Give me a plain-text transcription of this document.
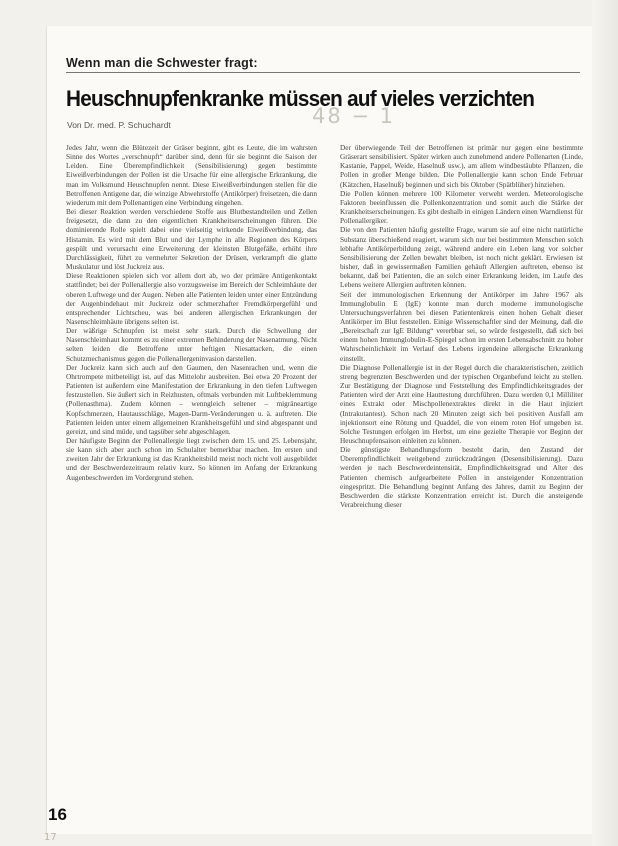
Wenn man die Schwester fragt:
Heuschnupfenkranke müssen auf vieles verzichten
Von Dr. med. P. Schuchardt	48 − 1

Jedes Jahr, wenn die Blütezeit der Gräser beginnt, gibt es Leute, die im wahrsten Sinne des Wortes „verschnupft“ darüber sind, denn für sie beginnt die Saison der Leiden. Eine Überempfindlichkeit (Sensibilisierung) gegen bestimmte Eiweißverbindungen der Pollen ist die Ursache für eine allergische Erkrankung, die man im Volksmund Heuschnupfen nennt. Diese Eiweißverbindungen stellen für die Betroffenen Antigene dar, die winzige Abwehrstoffe (Antikörper) freisetzen, die dann wiederum mit dem Pollenantigen eine Verbindung eingehen.

Bei dieser Reaktion werden verschiedene Stoffe aus Blutbestandteilen und Zellen freigesetzt, die dann zu den eigentlichen Krankheitserscheinungen führen. Die dominierende Rolle spielt dabei eine vielseitig wirkende Eiweißverbindung, das Histamin. Es wird mit dem Blut und der Lymphe in alle Regionen des Körpers gespült und verursacht eine Erweiterung der kleinsten Blutgefäße, erhöht ihre Durchlässigkeit, führt zu vermehrter Sekretion der Drüsen, verkrampft die glatte Muskulatur und löst Juckreiz aus.

Diese Reaktionen spielen sich vor allem dort ab, wo der primäre Antigenkontakt stattfindet; bei der Pollenallergie also vorzugsweise im Bereich der Schleimhäute der oberen Luftwege und der Augen. Neben alle Patienten leiden unter einer Entzündung der Augenbindehaut mit Juckreiz oder schmerzhafter Fremdkörpergefühl und entsprechender Lichtscheu, was bei anderen allergischen Erkrankungen der Nasenschleimhäute übrigens selten ist.

Der wäßrige Schnupfen ist meist sehr stark. Durch die Schwellung der Nasenschleimhaut kommt es zu einer extremen Behinderung der Nasenatmung. Nicht selten leiden die Betroffene unter heftigen Niesattacken, die einen Schutzmechanismus gegen die Pollenallergeninvasion darstellen.

Der Juckreiz kann sich auch auf den Gaumen, den Nasenrachen und, wenn die Ohrtrompete mitbeteiligt ist, auf das Mittelohr ausbreiten. Bei etwa 20 Prozent der Patienten ist außerdem eine Manifestation der Erkrankung in den tiefen Luftwegen festzustellen. Sie äußert sich in Reizhusten, oftmals verbunden mit Luftbeklemmung (Pollenasthma). Zudem können – wenngleich seltener – migräneartige Kopfschmerzen, Hautausschläge, Magen-Darm-Veränderungen u. ä. auftreten. Die Patienten leiden unter einem allgemeinen Krankheitsgefühl und sind abgespannt und gereizt, und sind müde, und tagsüber sehr abgeschlagen.

Der häufigste Beginn der Pollenallergie liegt zwischen dem 15. und 25. Lebensjahr, sie kann sich aber auch schon im Schulalter bemerkbar machen. Im ersten und zweiten Jahr der Erkrankung ist das Krankheitsbild meist noch nicht voll ausgebildet und der Beschwerdezeitraum relativ kurz. So können im Anfang der Erkrankung Augenbeschwerden im Vordergrund stehen.

Der überwiegende Teil der Betroffenen ist primär nur gegen eine bestimmte Gräserart sensibilisiert. Später wirken auch zunehmend andere Pollenarten (Linde, Kastanie, Pappel, Weide, Haselnuß usw.), am allem windbestäubte Pflanzen, die Pollen in großer Menge bilden. Die Pollenallergie kann schon Ende Februar (Kätzchen, Haselnuß) beginnen und sich bis Oktober (Spätblüher) hinziehen.

Die Pollen können mehrere 100 Kilometer verweht werden. Meteorologische Faktoren beeinflussen die Pollenkonzentration und somit auch die Stärke der Krankheitserscheinungen. Es gibt deshalb in einigen Ländern einen Warndienst für Pollenallergiker.

Die von den Patienten häufig gestellte Frage, warum sie auf eine nicht natürliche Substanz überschießend reagiert, warum sich nur bei bestimmten Menschen solch lebhafte Antikörperbildung zeigt, während andere ein Leben lang vor solcher Sensibilisierung der Zellen bewahrt bleiben, ist noch nicht geklärt. Erwiesen ist bisher, daß in gewissermaßen Familien gehäuft Allergien auftreten, ebenso ist bekannt, daß bei Patienten, die an solch einer Erkrankung leiden, im Laufe des Lebens weitere Allergien auftreten können.

Seit der immunologischen Erkennung der Antikörper im Jahre 1967 als Immunglobulin E (IgE) konnte man durch moderne immunologische Untersuchungsverfahren bei diesen Patientenkreis einen hohen Gehalt dieser Antikörper im Blut feststellen. Einige Wissenschaftler sind der Meinung, daß die „Bereitschaft zur IgE Bildung“ vererbbar sei, so würde festgestellt, daß sich bei einem hohen Immunglobulin-E-Spiegel schon im ersten Lebensabschnitt zu hoher Wahrscheinlichkeit im Verlauf des Lebens irgendeine allergische Erkrankung einstellt.

Die Diagnose Pollenallergie ist in der Regel durch die charakteristischen, zeitlich streng begrenzten Beschwerden und der typischen Organbefund leicht zu stellen. Zur Bestätigung der Diagnose und Feststellung des Empfindlichkeitsgrades der Patienten wird der Arzt eine Hauttestung durchführen. Dazu werden 0,1 Milliliter eines Extrakt oder Mischpollenextraktes direkt in die Haut injiziert (Intrakutantest). Schon nach 20 Minuten zeigt sich bei positiven Ausfall am injektionsort eine Rötung und Quaddel, die von einem roten Hof umgeben ist. Solche Testungen erfolgen im Herbst, um eine gezielte Therapie vor Beginn der Heuschnupfensaison einleiten zu können.

Die günstigste Behandlungsform besteht darin, den Zustand der Überempfindlichkeit weitgehend zurückzudrängen (Desensibilisierung). Dazu werden je nach Beschwerdeintensität, Empfindlichkeitsgrad und Alter des Patienten chemisch aufgearbeitete Pollen in ansteigender Konzentration eingespritzt. Die Behandlung beginnt Anfang des Jahres, damit zu Beginn der Beschwerden die stärkste Konzentration erreicht ist. Durch die ansteigende Verabreichung dieser

16
17
